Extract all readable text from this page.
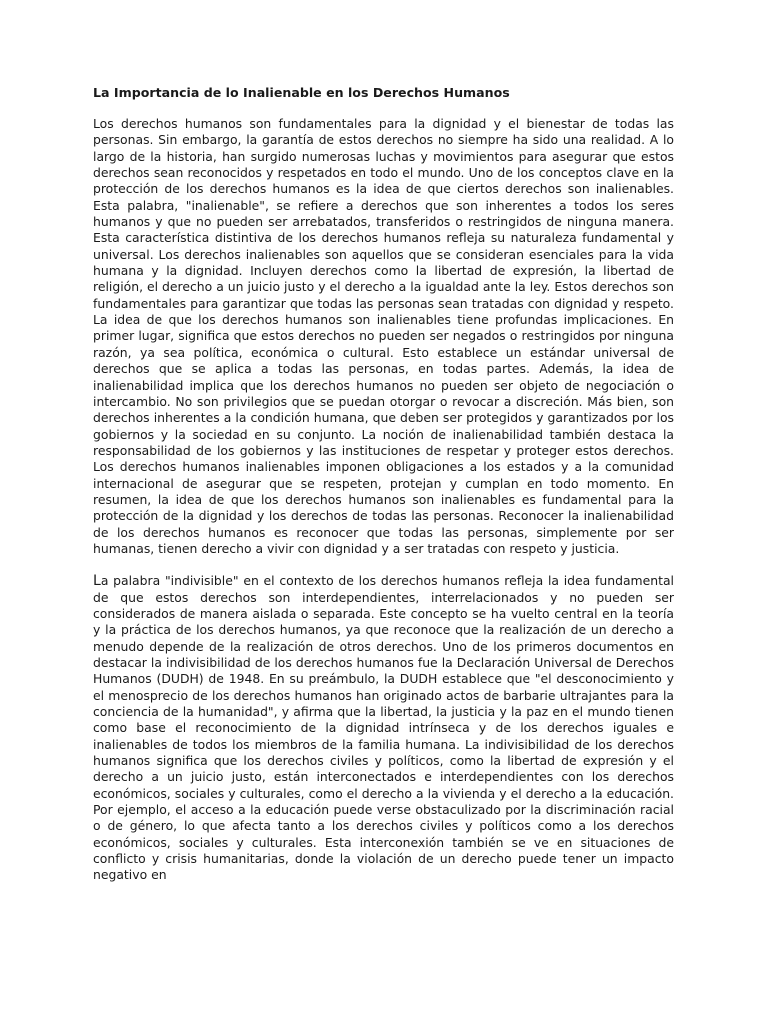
La Importancia de lo Inalienable en los Derechos Humanos

Los derechos humanos son fundamentales para la dignidad y el bienestar de todas las personas. Sin embargo, la garantía de estos derechos no siempre ha sido una realidad. A lo largo de la historia, han surgido numerosas luchas y movimientos para asegurar que estos derechos sean reconocidos y respetados en todo el mundo. Uno de los conceptos clave en la protección de los derechos humanos es la idea de que ciertos derechos son inalienables. Esta palabra, "inalienable", se refiere a derechos que son inherentes a todos los seres humanos y que no pueden ser arrebatados, transferidos o restringidos de ninguna manera. Esta característica distintiva de los derechos humanos refleja su naturaleza fundamental y universal. Los derechos inalienables son aquellos que se consideran esenciales para la vida humana y la dignidad. Incluyen derechos como la libertad de expresión, la libertad de religión, el derecho a un juicio justo y el derecho a la igualdad ante la ley. Estos derechos son fundamentales para garantizar que todas las personas sean tratadas con dignidad y respeto. La idea de que los derechos humanos son inalienables tiene profundas implicaciones. En primer lugar, significa que estos derechos no pueden ser negados o restringidos por ninguna razón, ya sea política, económica o cultural. Esto establece un estándar universal de derechos que se aplica a todas las personas, en todas partes. Además, la idea de inalienabilidad implica que los derechos humanos no pueden ser objeto de negociación o intercambio. No son privilegios que se puedan otorgar o revocar a discreción. Más bien, son derechos inherentes a la condición humana, que deben ser protegidos y garantizados por los gobiernos y la sociedad en su conjunto. La noción de inalienabilidad también destaca la responsabilidad de los gobiernos y las instituciones de respetar y proteger estos derechos. Los derechos humanos inalienables imponen obligaciones a los estados y a la comunidad internacional de asegurar que se respeten, protejan y cumplan en todo momento. En resumen, la idea de que los derechos humanos son inalienables es fundamental para la protección de la dignidad y los derechos de todas las personas. Reconocer la inalienabilidad de los derechos humanos es reconocer que todas las personas, simplemente por ser humanas, tienen derecho a vivir con dignidad y a ser tratadas con respeto y justicia.

La palabra "indivisible" en el contexto de los derechos humanos refleja la idea fundamental de que estos derechos son interdependientes, interrelacionados y no pueden ser considerados de manera aislada o separada. Este concepto se ha vuelto central en la teoría y la práctica de los derechos humanos, ya que reconoce que la realización de un derecho a menudo depende de la realización de otros derechos. Uno de los primeros documentos en destacar la indivisibilidad de los derechos humanos fue la Declaración Universal de Derechos Humanos (DUDH) de 1948. En su preámbulo, la DUDH establece que "el desconocimiento y el menosprecio de los derechos humanos han originado actos de barbarie ultrajantes para la conciencia de la humanidad", y afirma que la libertad, la justicia y la paz en el mundo tienen como base el reconocimiento de la dignidad intrínseca y de los derechos iguales e inalienables de todos los miembros de la familia humana. La indivisibilidad de los derechos humanos significa que los derechos civiles y políticos, como la libertad de expresión y el derecho a un juicio justo, están interconectados e interdependientes con los derechos económicos, sociales y culturales, como el derecho a la vivienda y el derecho a la educación. Por ejemplo, el acceso a la educación puede verse obstaculizado por la discriminación racial o de género, lo que afecta tanto a los derechos civiles y políticos como a los derechos económicos, sociales y culturales. Esta interconexión también se ve en situaciones de conflicto y crisis humanitarias, donde la violación de un derecho puede tener un impacto negativo en
